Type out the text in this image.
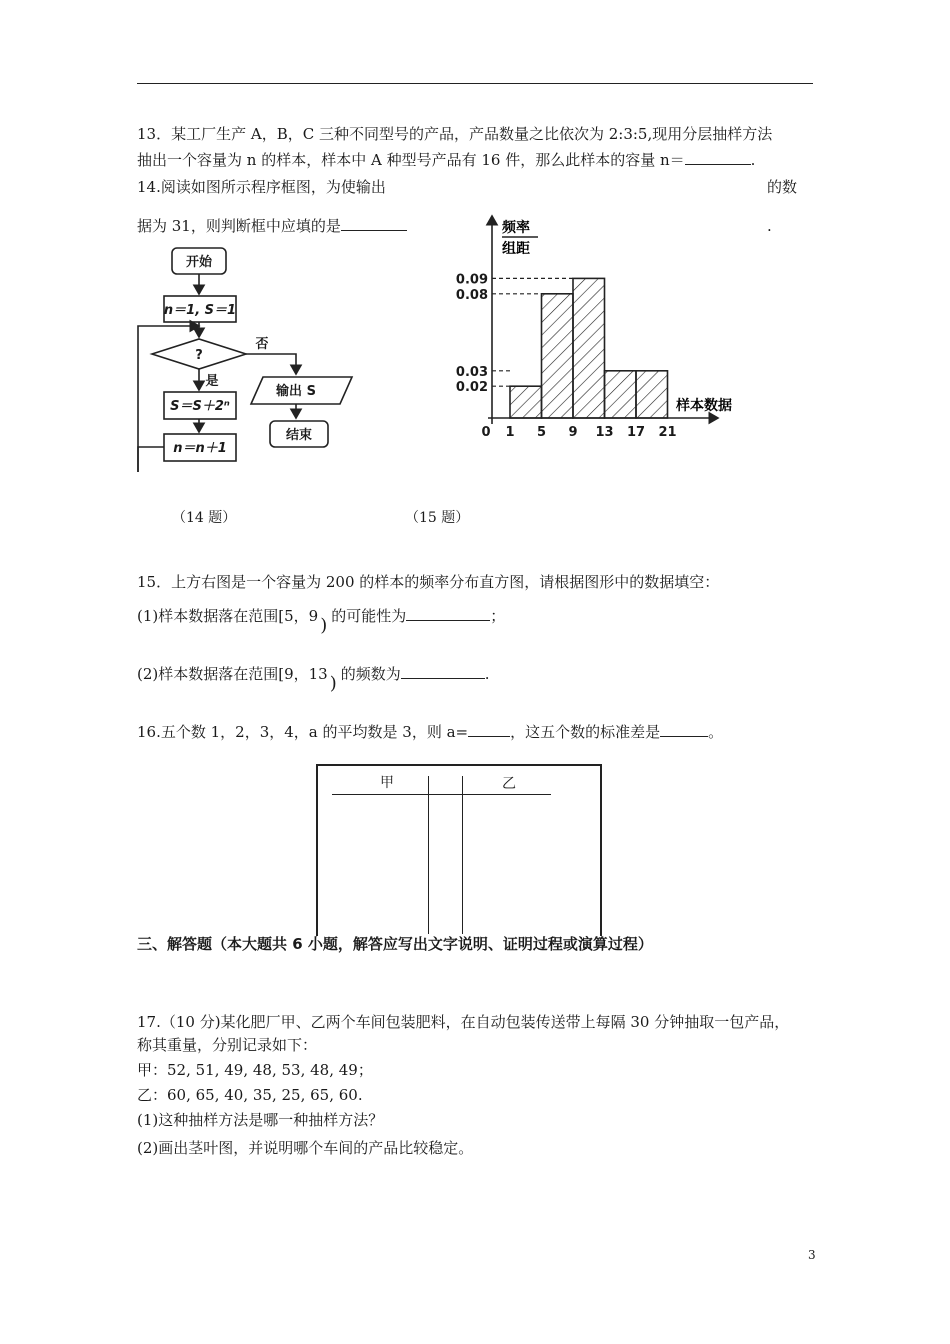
13．某工厂生产 A，B，C 三种不同型号的产品，产品数量之比依次为 2:3:5,现用分层抽样方法
抽出一个容量为 n 的样本，样本中 A 种型号产品有 16 件，那么此样本的容量 n＝	.
14.阅读如图所示程序框图，为使输出	的数
据为 31，则判断框中应填的是	.
开始
n＝1, S＝1
?
否
是
S＝S＋2ⁿ
n＝n＋1
输出 S
结束
频率
组距
样本数据
0.09
0.08
0.03
0.02
0 1 5 9 13 17 21
（14 题）	（15 题）
15．上方右图是一个容量为 200 的样本的频率分布直方图，请根据图形中的数据填空：
(1)样本数据落在范围[5，9 ) 的可能性为	；
(2)样本数据落在范围[9，13 ) 的频数为	.
16.五个数 1，2，3，4，a 的平均数是 3，则 a=	，这五个数的标准差是	。
甲	乙
三、解答题（本大题共 6 小题，解答应写出文字说明、证明过程或演算过程）
17.（10 分)某化肥厂甲、乙两个车间包装肥料，在自动包装传送带上每隔 30 分钟抽取一包产品，
称其重量，分别记录如下：
甲：52, 51, 49, 48, 53, 48, 49；
乙：60, 65, 40, 35, 25, 65, 60.
(1)这种抽样方法是哪一种抽样方法？
(2)画出茎叶图，并说明哪个车间的产品比较稳定。
3
